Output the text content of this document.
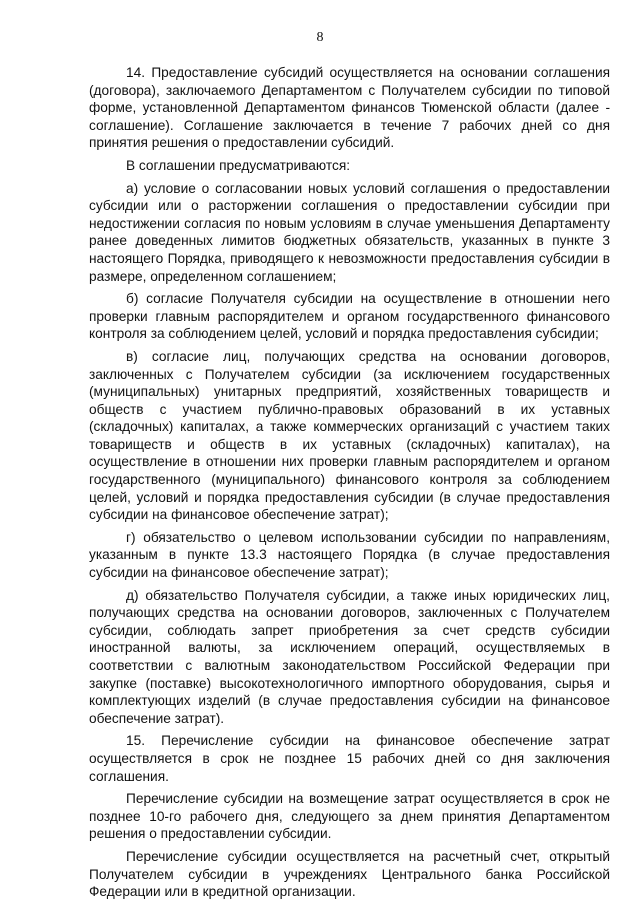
8

14. Предоставление субсидий осуществляется на основании соглашения (договора), заключаемого Департаментом с Получателем субсидии по типовой форме, установленной Департаментом финансов Тюменской области (далее - соглашение). Соглашение заключается в течение 7 рабочих дней со дня принятия решения о предоставлении субсидий.

В соглашении предусматриваются:

а) условие о согласовании новых условий соглашения о предоставлении субсидии или о расторжении соглашения о предоставлении субсидии при недостижении согласия по новым условиям в случае уменьшения Департаменту ранее доведенных лимитов бюджетных обязательств, указанных в пункте 3 настоящего Порядка, приводящего к невозможности предоставления субсидии в размере, определенном соглашением;

б) согласие Получателя субсидии на осуществление в отношении него проверки главным распорядителем и органом государственного финансового контроля за соблюдением целей, условий и порядка предоставления субсидии;

в) согласие лиц, получающих средства на основании договоров, заключенных с Получателем субсидии (за исключением государственных (муниципальных) унитарных предприятий, хозяйственных товариществ и обществ с участием публично-правовых образований в их уставных (складочных) капиталах, а также коммерческих организаций с участием таких товариществ и обществ в их уставных (складочных) капиталах), на осуществление в отношении них проверки главным распорядителем и органом государственного (муниципального) финансового контроля за соблюдением целей, условий и порядка предоставления субсидии (в случае предоставления субсидии на финансовое обеспечение затрат);

г) обязательство о целевом использовании субсидии по направлениям, указанным в пункте 13.3 настоящего Порядка (в случае предоставления субсидии на финансовое обеспечение затрат);

д) обязательство Получателя субсидии, а также иных юридических лиц, получающих средства на основании договоров, заключенных с Получателем субсидии, соблюдать запрет приобретения за счет средств субсидии иностранной валюты, за исключением операций, осуществляемых в соответствии с валютным законодательством Российской Федерации при закупке (поставке) высокотехнологичного импортного оборудования, сырья и комплектующих изделий (в случае предоставления субсидии на финансовое обеспечение затрат).

15. Перечисление субсидии на финансовое обеспечение затрат осуществляется в срок не позднее 15 рабочих дней со дня заключения соглашения.

Перечисление субсидии на возмещение затрат осуществляется в срок не позднее 10-го рабочего дня, следующего за днем принятия Департаментом решения о предоставлении субсидии.

Перечисление субсидии осуществляется на расчетный счет, открытый Получателем субсидии в учреждениях Центрального банка Российской Федерации или в кредитной организации.
